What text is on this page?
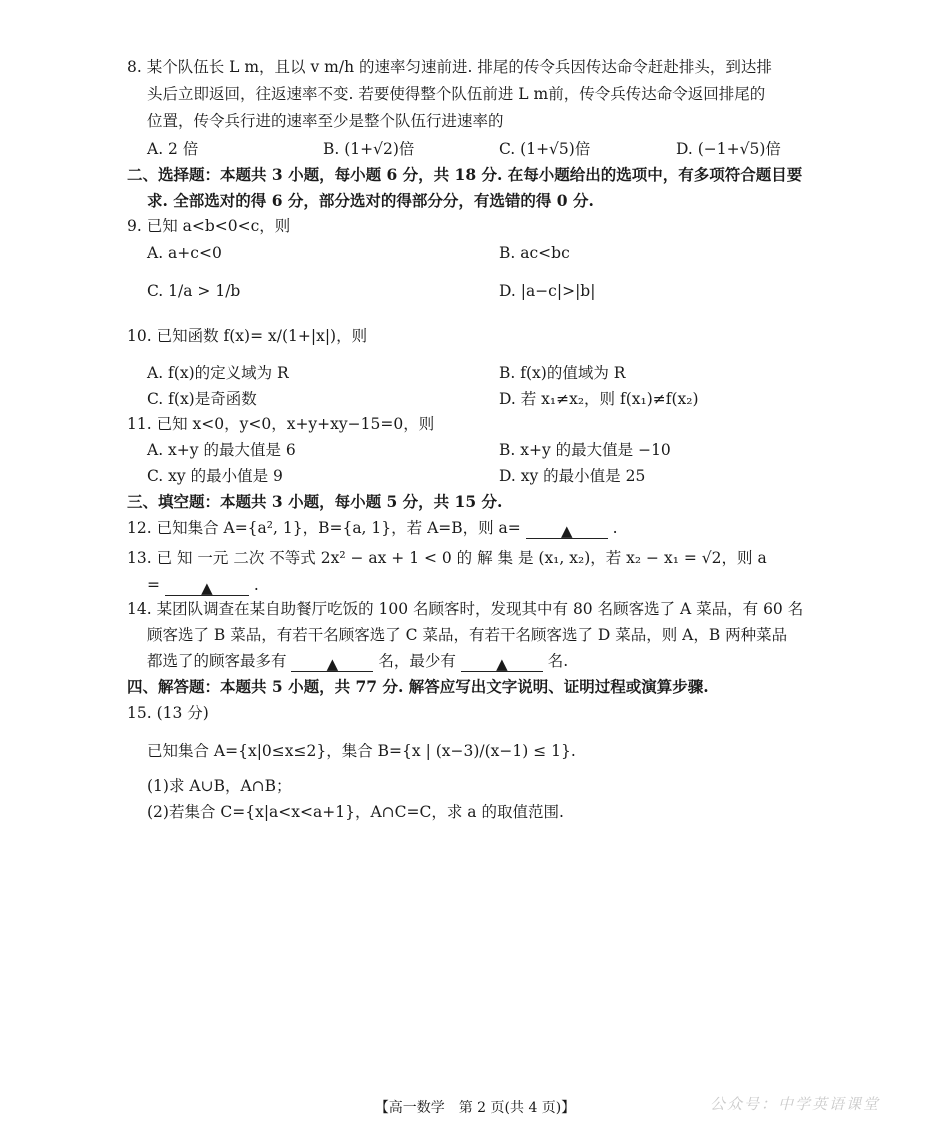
8. 某个队伍长 L m，且以 v m/h 的速率匀速前进. 排尾的传令兵因传达命令赶赴排头，到达排
头后立即返回，往返速率不变. 若要使得整个队伍前进 L m前，传令兵传达命令返回排尾的
位置，传令兵行进的速率至少是整个队伍行进速率的
A. 2 倍	B. (1+√2)倍	C. (1+√5)倍	D. (−1+√5)倍
二、选择题：本题共 3 小题，每小题 6 分，共 18 分. 在每小题给出的选项中，有多项符合题目要
求. 全部选对的得 6 分，部分选对的得部分分，有选错的得 0 分.
9. 已知 a<b<0<c，则
A. a+c<0	B. ac<bc
C. 1/a > 1/b	D. |a−c|>|b|
10. 已知函数 f(x)= x/(1+|x|)，则
A. f(x)的定义域为 R	B. f(x)的值域为 R
C. f(x)是奇函数	D. 若 x₁≠x₂，则 f(x₁)≠f(x₂)
11. 已知 x<0，y<0，x+y+xy−15=0，则
A. x+y 的最大值是 6	B. x+y 的最大值是 −10
C. xy 的最小值是 9	D. xy 的最小值是 25
三、填空题：本题共 3 小题，每小题 5 分，共 15 分.
12. 已知集合 A={a², 1}，B={a, 1}，若 A=B，则 a=	▲	.
13. 已 知 一元 二次 不等式 2x² − ax + 1 < 0 的 解 集 是 (x₁, x₂)，若 x₂ − x₁ = √2，则 a
=	▲	.
14. 某团队调查在某自助餐厅吃饭的 100 名顾客时，发现其中有 80 名顾客选了 A 菜品，有 60 名
顾客选了 B 菜品，有若干名顾客选了 C 菜品，有若干名顾客选了 D 菜品，则 A，B 两种菜品
都选了的顾客最多有	▲	名，最少有	▲	名.
四、解答题：本题共 5 小题，共 77 分. 解答应写出文字说明、证明过程或演算步骤.
15. (13 分)
已知集合 A={x|0≤x≤2}，集合 B={x | (x−3)/(x−1) ≤ 1}.
(1)求 A∪B，A∩B；
(2)若集合 C={x|a<x<a+1}，A∩C=C，求 a 的取值范围.
【高一数学　第 2 页(共 4 页)】	公众号：中学英语课堂
